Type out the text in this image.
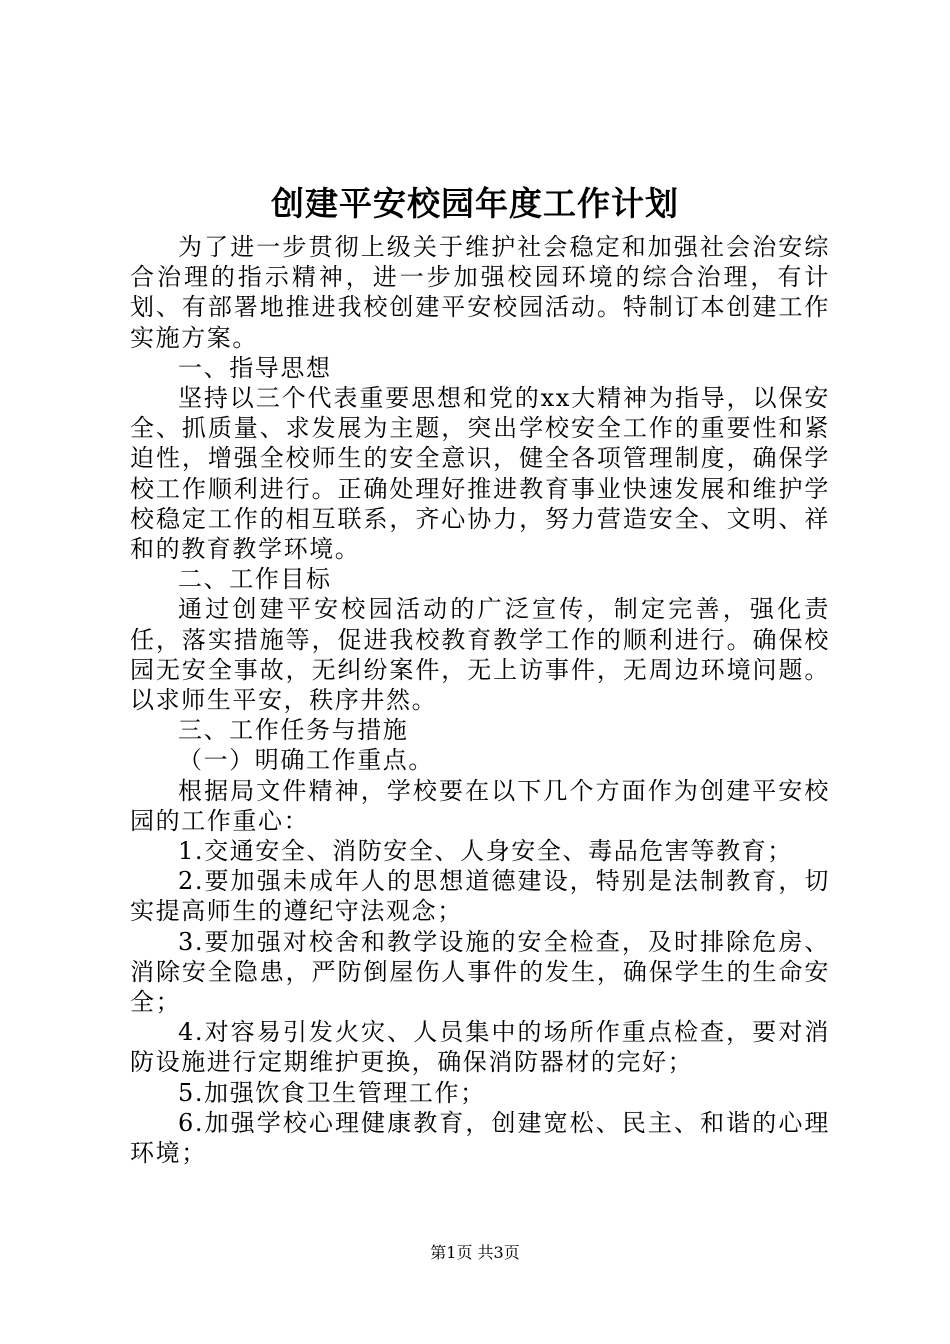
创建平安校园年度工作计划

为了进一步贯彻上级关于维护社会稳定和加强社会治安综合治理的指示精神，进一步加强校园环境的综合治理，有计划、有部署地推进我校创建平安校园活动。特制订本创建工作实施方案。

一、指导思想

坚持以三个代表重要思想和党的xx大精神为指导，以保安全、抓质量、求发展为主题，突出学校安全工作的重要性和紧迫性，增强全校师生的安全意识，健全各项管理制度，确保学校工作顺利进行。正确处理好推进教育事业快速发展和维护学校稳定工作的相互联系，齐心协力，努力营造安全、文明、祥和的教育教学环境。

二、工作目标

通过创建平安校园活动的广泛宣传，制定完善，强化责任，落实措施等，促进我校教育教学工作的顺利进行。确保校园无安全事故，无纠纷案件，无上访事件，无周边环境问题。以求师生平安，秩序井然。

三、工作任务与措施

（一）明确工作重点。

根据局文件精神，学校要在以下几个方面作为创建平安校园的工作重心：

1.交通安全、消防安全、人身安全、毒品危害等教育；

2.要加强未成年人的思想道德建设，特别是法制教育，切实提高师生的遵纪守法观念；

3.要加强对校舍和教学设施的安全检查，及时排除危房、消除安全隐患，严防倒屋伤人事件的发生，确保学生的生命安全；

4.对容易引发火灾、人员集中的场所作重点检查，要对消防设施进行定期维护更换，确保消防器材的完好；

5.加强饮食卫生管理工作；

6.加强学校心理健康教育，创建宽松、民主、和谐的心理环境；

第1页 共3页
